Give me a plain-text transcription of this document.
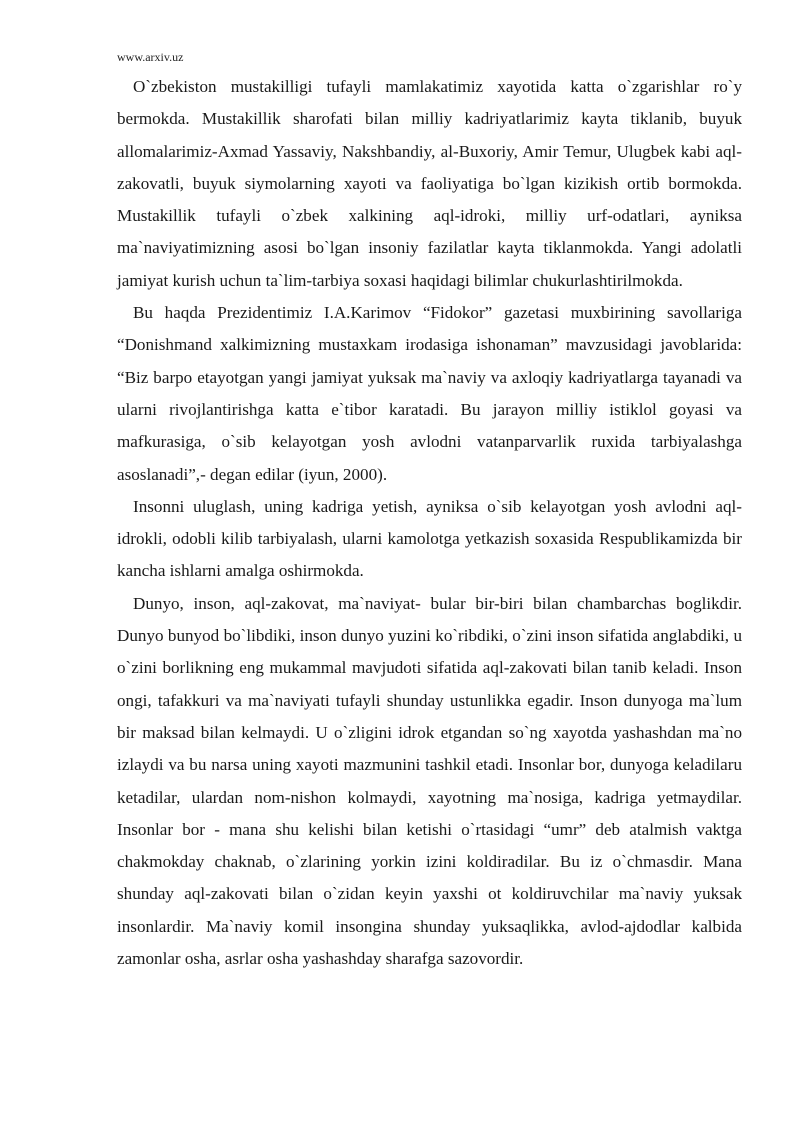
www.arxiv.uz

O`zbekiston mustakilligi tufayli mamlakatimiz xayotida katta o`zgarishlar ro`y bermokda. Mustakillik sharofati bilan milliy kadriyatlarimiz kayta tiklanib, buyuk allomalarimiz-Axmad Yassaviy, Nakshbandiy, al-Buxoriy, Amir Temur, Ulugbek kabi aql-zakovatli, buyuk siymolarning xayoti va faoliyatiga bo`lgan kizikish ortib bormokda. Mustakillik tufayli o`zbek xalkining aql-idroki, milliy urf-odatlari, ayniksa ma`naviyatimizning asosi bo`lgan insoniy fazilatlar kayta tiklanmokda. Yangi adolatli jamiyat kurish uchun ta`lim-tarbiya soxasi haqidagi bilimlar chukurlashtirilmokda.

Bu haqda Prezidentimiz I.A.Karimov “Fidokor” gazetasi muxbirining savollariga “Donishmand xalkimizning mustaxkam irodasiga ishonaman” mavzusidagi javoblarida: “Biz barpo etayotgan yangi jamiyat yuksak ma`naviy va axloqiy kadriyatlarga tayanadi va ularni rivojlantirishga katta e`tibor karatadi. Bu jarayon milliy istiklol goyasi va mafkurasiga, o`sib kelayotgan yosh avlodni vatanparvarlik ruxida tarbiyalashga asoslanadi”,- degan edilar (iyun, 2000).

Insonni uluglash, uning kadriga yetish, ayniksa o`sib kelayotgan yosh avlodni aql-idrokli, odobli kilib tarbiyalash, ularni kamolotga yetkazish soxasida Respublikamizda bir kancha ishlarni amalga oshirmokda.

Dunyo, inson, aql-zakovat, ma`naviyat- bular bir-biri bilan chambarchas boglikdir. Dunyo bunyod bo`libdiki, inson dunyo yuzini ko`ribdiki, o`zini inson sifatida anglabdiki, u o`zini borlikning eng mukammal mavjudoti sifatida aql-zakovati bilan tanib keladi. Inson ongi, tafakkuri va ma`naviyati tufayli shunday ustunlikka egadir. Inson dunyoga ma`lum bir maksad bilan kelmaydi. U o`zligini idrok etgandan so`ng xayotda yashashdan ma`no izlaydi va bu narsa uning xayoti mazmunini tashkil etadi. Insonlar bor, dunyoga keladilaru ketadilar, ulardan nom-nishon kolmaydi, xayotning ma`nosiga, kadriga yetmaydilar. Insonlar bor - mana shu kelishi bilan ketishi o`rtasidagi “umr” deb atalmish vaktga chakmokday chaknab, o`zlarining yorkin izini koldiradilar. Bu iz o`chmasdir. Mana shunday aql-zakovati bilan o`zidan keyin yaxshi ot koldiruvchilar ma`naviy yuksak insonlardir. Ma`naviy komil insongina shunday yuksaqlikka, avlod-ajdodlar kalbida zamonlar osha, asrlar osha yashashday sharafga sazovordir.
